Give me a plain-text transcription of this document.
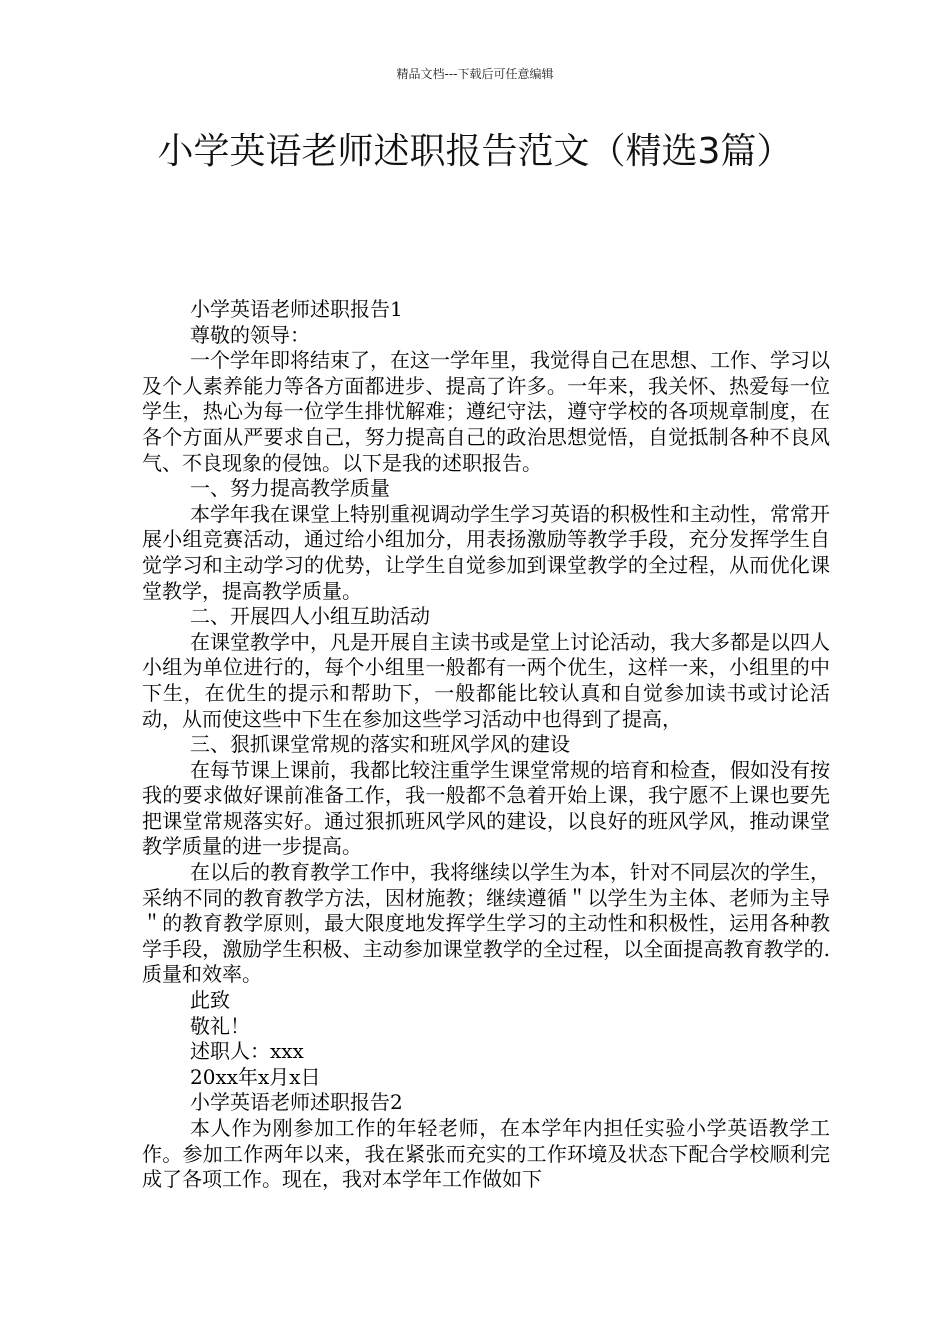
精品文档---下载后可任意编辑
小学英语老师述职报告范文（精选3篇）

小学英语老师述职报告1

尊敬的领导：

一个学年即将结束了，在这一学年里，我觉得自己在思想、工作、学习以及个人素养能力等各方面都进步、提高了许多。一年来，我关怀、热爱每一位学生，热心为每一位学生排忧解难；遵纪守法，遵守学校的各项规章制度，在各个方面从严要求自己，努力提高自己的政治思想觉悟，自觉抵制各种不良风气、不良现象的侵蚀。以下是我的述职报告。

一、努力提高教学质量

本学年我在课堂上特别重视调动学生学习英语的积极性和主动性，常常开展小组竞赛活动，通过给小组加分，用表扬激励等教学手段，充分发挥学生自觉学习和主动学习的优势，让学生自觉参加到课堂教学的全过程，从而优化课堂教学，提高教学质量。

二、开展四人小组互助活动

在课堂教学中，凡是开展自主读书或是堂上讨论活动，我大多都是以四人小组为单位进行的，每个小组里一般都有一两个优生，这样一来，小组里的中下生，在优生的提示和帮助下，一般都能比较认真和自觉参加读书或讨论活动，从而使这些中下生在参加这些学习活动中也得到了提高，

三、狠抓课堂常规的落实和班风学风的建设

在每节课上课前，我都比较注重学生课堂常规的培育和检查，假如没有按我的要求做好课前准备工作，我一般都不急着开始上课，我宁愿不上课也要先把课堂常规落实好。通过狠抓班风学风的建设，以良好的班风学风，推动课堂教学质量的进一步提高。

在以后的教育教学工作中，我将继续以学生为本，针对不同层次的学生，采纳不同的教育教学方法，因材施教；继续遵循＂以学生为主体、老师为主导＂的教育教学原则，最大限度地发挥学生学习的主动性和积极性，运用各种教学手段，激励学生积极、主动参加课堂教学的全过程，以全面提高教育教学的.质量和效率。

此致

敬礼！

述职人：xxx

20xx年x月x日

小学英语老师述职报告2

本人作为刚参加工作的年轻老师，在本学年内担任实验小学英语教学工作。参加工作两年以来，我在紧张而充实的工作环境及状态下配合学校顺利完成了各项工作。现在，我对本学年工作做如下
